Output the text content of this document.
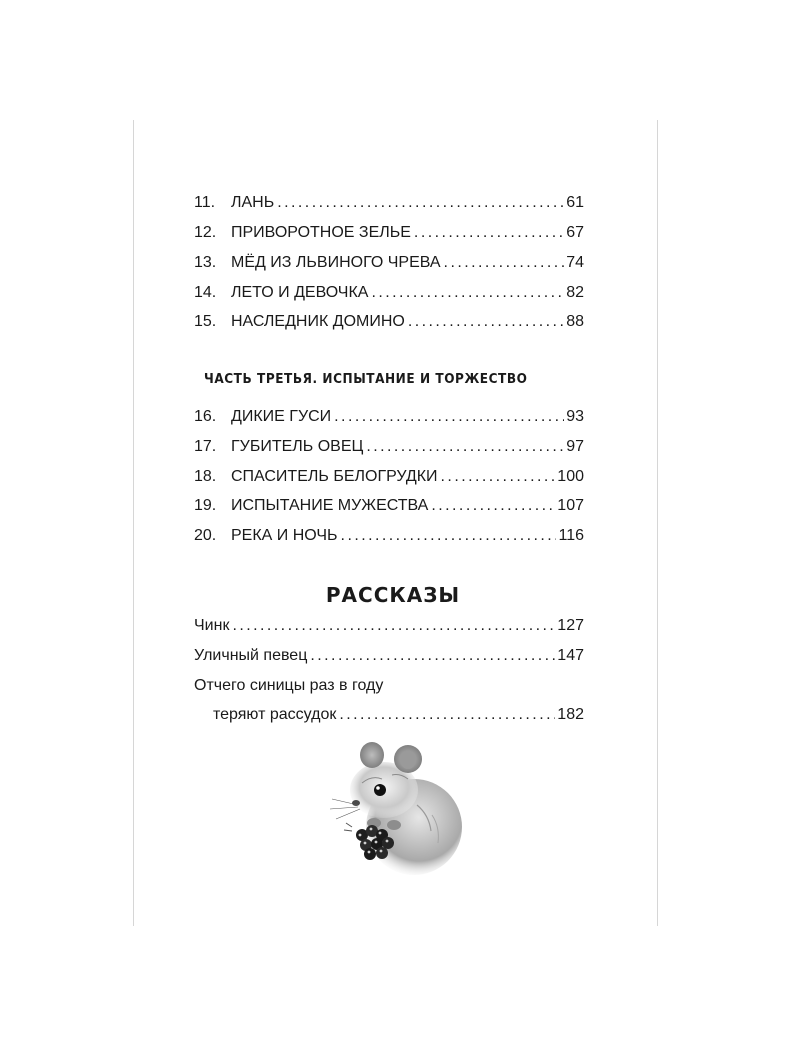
11. ЛАНЬ . . .	61
12. ПРИВОРОТНОЕ ЗЕЛЬЕ . . .	67
13. МЁД ИЗ ЛЬВИНОГО ЧРЕВА . . .	74
14. ЛЕТО И ДЕВОЧКА . . .	82
15. НАСЛЕДНИК ДОМИНО . . .	88
ЧАСТЬ ТРЕТЬЯ. ИСПЫТАНИЕ И ТОРЖЕСТВО
16. ДИКИЕ ГУСИ . . .	93
17. ГУБИТЕЛЬ ОВЕЦ . . .	97
18. СПАСИТЕЛЬ БЕЛОГРУДКИ . . .	100
19. ИСПЫТАНИЕ МУЖЕСТВА . . .	107
20. РЕКА И НОЧЬ . . .	116
РАССКАЗЫ
Чинк . . .	127
Уличный певец . . .	147
Отчего синицы раз в году
теряют рассудок . . .	182
